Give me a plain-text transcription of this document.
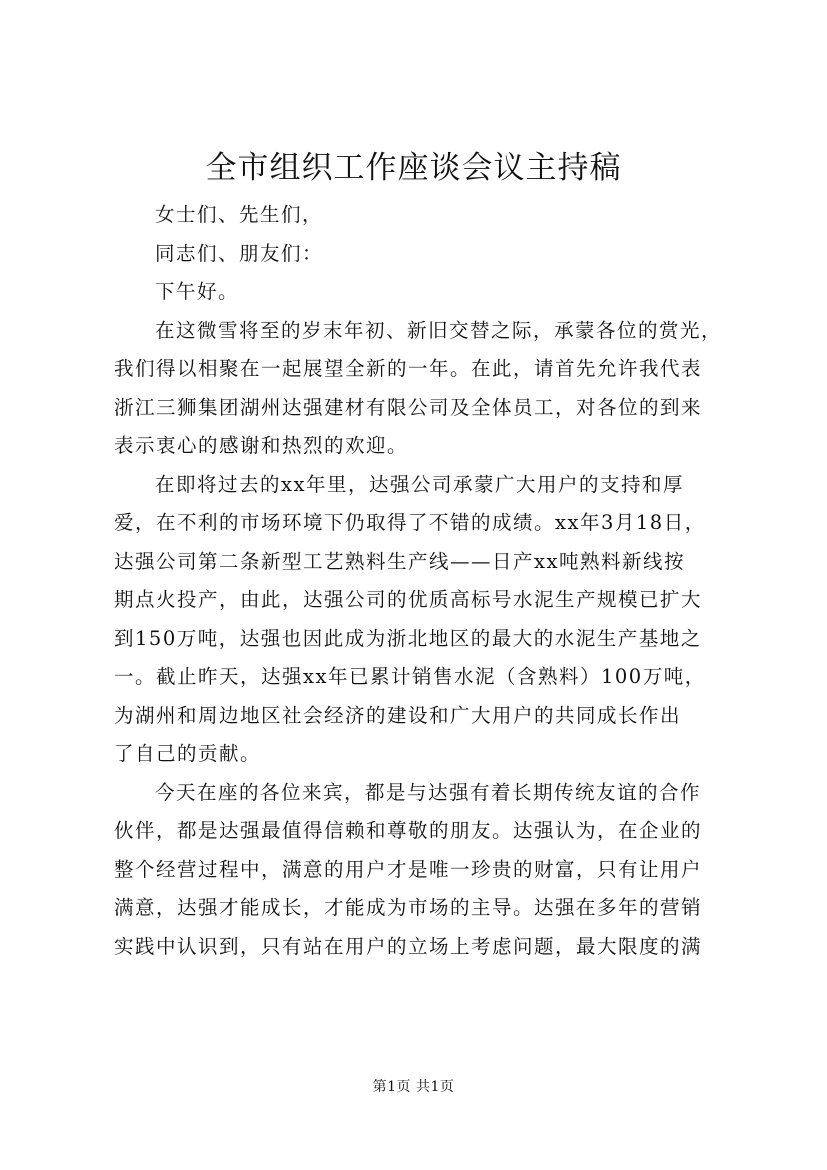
全市组织工作座谈会议主持稿
女士们、先生们，
同志们、朋友们：
下午好。
在这微雪将至的岁末年初、新旧交替之际，承蒙各位的赏光，
我们得以相聚在一起展望全新的一年。在此，请首先允许我代表
浙江三狮集团湖州达强建材有限公司及全体员工，对各位的到来
表示衷心的感谢和热烈的欢迎。
在即将过去的xx年里，达强公司承蒙广大用户的支持和厚
爱，在不利的市场环境下仍取得了不错的成绩。xx年3月18日，
达强公司第二条新型工艺熟料生产线——日产xx吨熟料新线按
期点火投产，由此，达强公司的优质高标号水泥生产规模已扩大
到150万吨，达强也因此成为浙北地区的最大的水泥生产基地之
一。截止昨天，达强xx年已累计销售水泥（含熟料）100万吨，
为湖州和周边地区社会经济的建设和广大用户的共同成长作出
了自己的贡献。
今天在座的各位来宾，都是与达强有着长期传统友谊的合作
伙伴，都是达强最值得信赖和尊敬的朋友。达强认为，在企业的
整个经营过程中，满意的用户才是唯一珍贵的财富，只有让用户
满意，达强才能成长，才能成为市场的主导。达强在多年的营销
实践中认识到，只有站在用户的立场上考虑问题，最大限度的满
第1页 共1页
